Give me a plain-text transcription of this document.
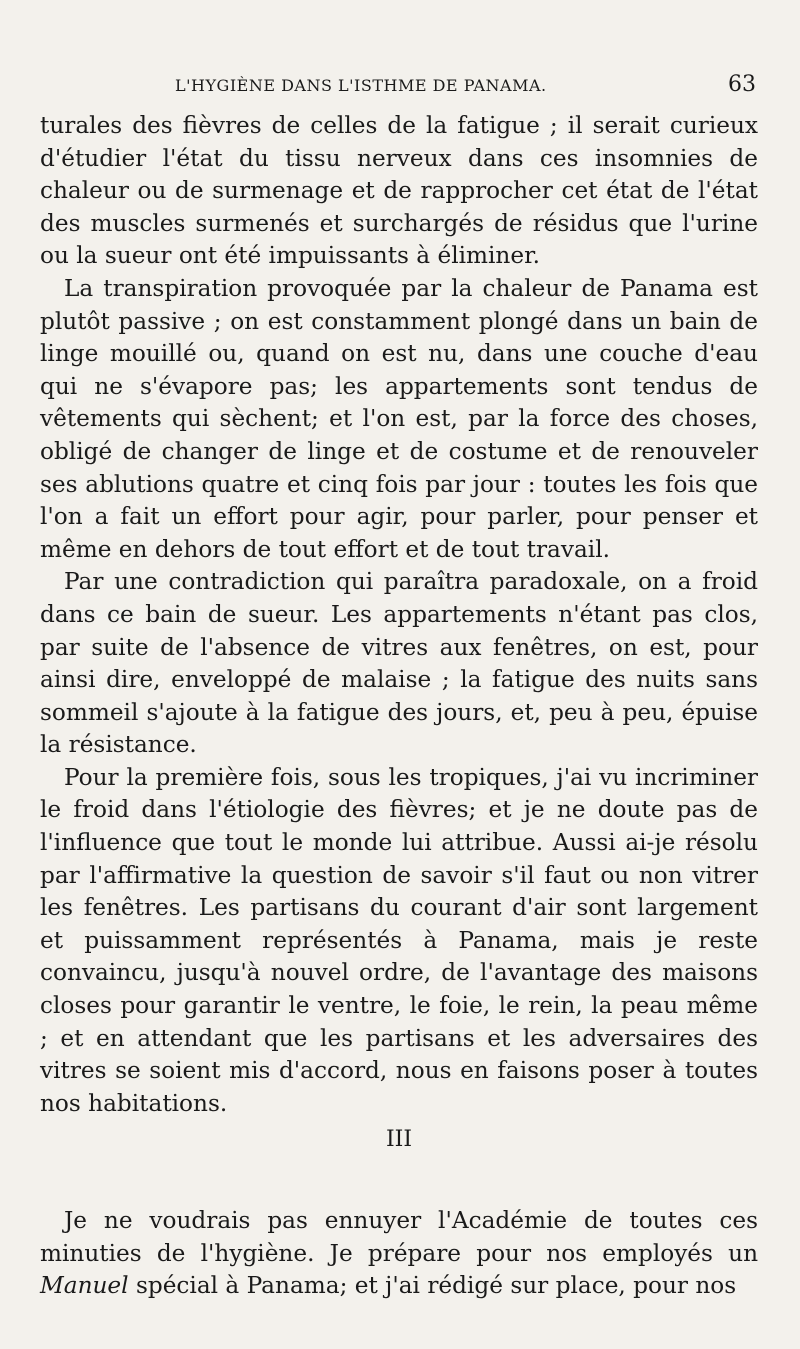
L'HYGIÈNE DANS L'ISTHME DE PANAMA.	63

turales des fièvres de celles de la fatigue ; il serait curieux d'étudier l'état du tissu nerveux dans ces insomnies de chaleur ou de surmenage et de rapprocher cet état de l'état des muscles surmenés et surchargés de résidus que l'urine ou la sueur ont été impuissants à éliminer.

La transpiration provoquée par la chaleur de Panama est plutôt passive ; on est constamment plongé dans un bain de linge mouillé ou, quand on est nu, dans une couche d'eau qui ne s'évapore pas; les appartements sont tendus de vêtements qui sèchent; et l'on est, par la force des choses, obligé de changer de linge et de costume et de renouveler ses ablutions quatre et cinq fois par jour : toutes les fois que l'on a fait un effort pour agir, pour parler, pour penser et même en dehors de tout effort et de tout travail.

Par une contradiction qui paraîtra paradoxale, on a froid dans ce bain de sueur. Les appartements n'étant pas clos, par suite de l'absence de vitres aux fenêtres, on est, pour ainsi dire, enveloppé de malaise ; la fatigue des nuits sans sommeil s'ajoute à la fatigue des jours, et, peu à peu, épuise la résistance.

Pour la première fois, sous les tropiques, j'ai vu incriminer le froid dans l'étiologie des fièvres; et je ne doute pas de l'influence que tout le monde lui attribue. Aussi ai-je résolu par l'affirmative la question de savoir s'il faut ou non vitrer les fenêtres. Les partisans du courant d'air sont largement et puissamment représentés à Panama, mais je reste convaincu, jusqu'à nouvel ordre, de l'avantage des maisons closes pour garantir le ventre, le foie, le rein, la peau même ; et en attendant que les partisans et les adversaires des vitres se soient mis d'accord, nous en faisons poser à toutes nos habitations.

III

Je ne voudrais pas ennuyer l'Académie de toutes ces minuties de l'hygiène. Je prépare pour nos employés un Manuel spécial à Panama; et j'ai rédigé sur place, pour nos
